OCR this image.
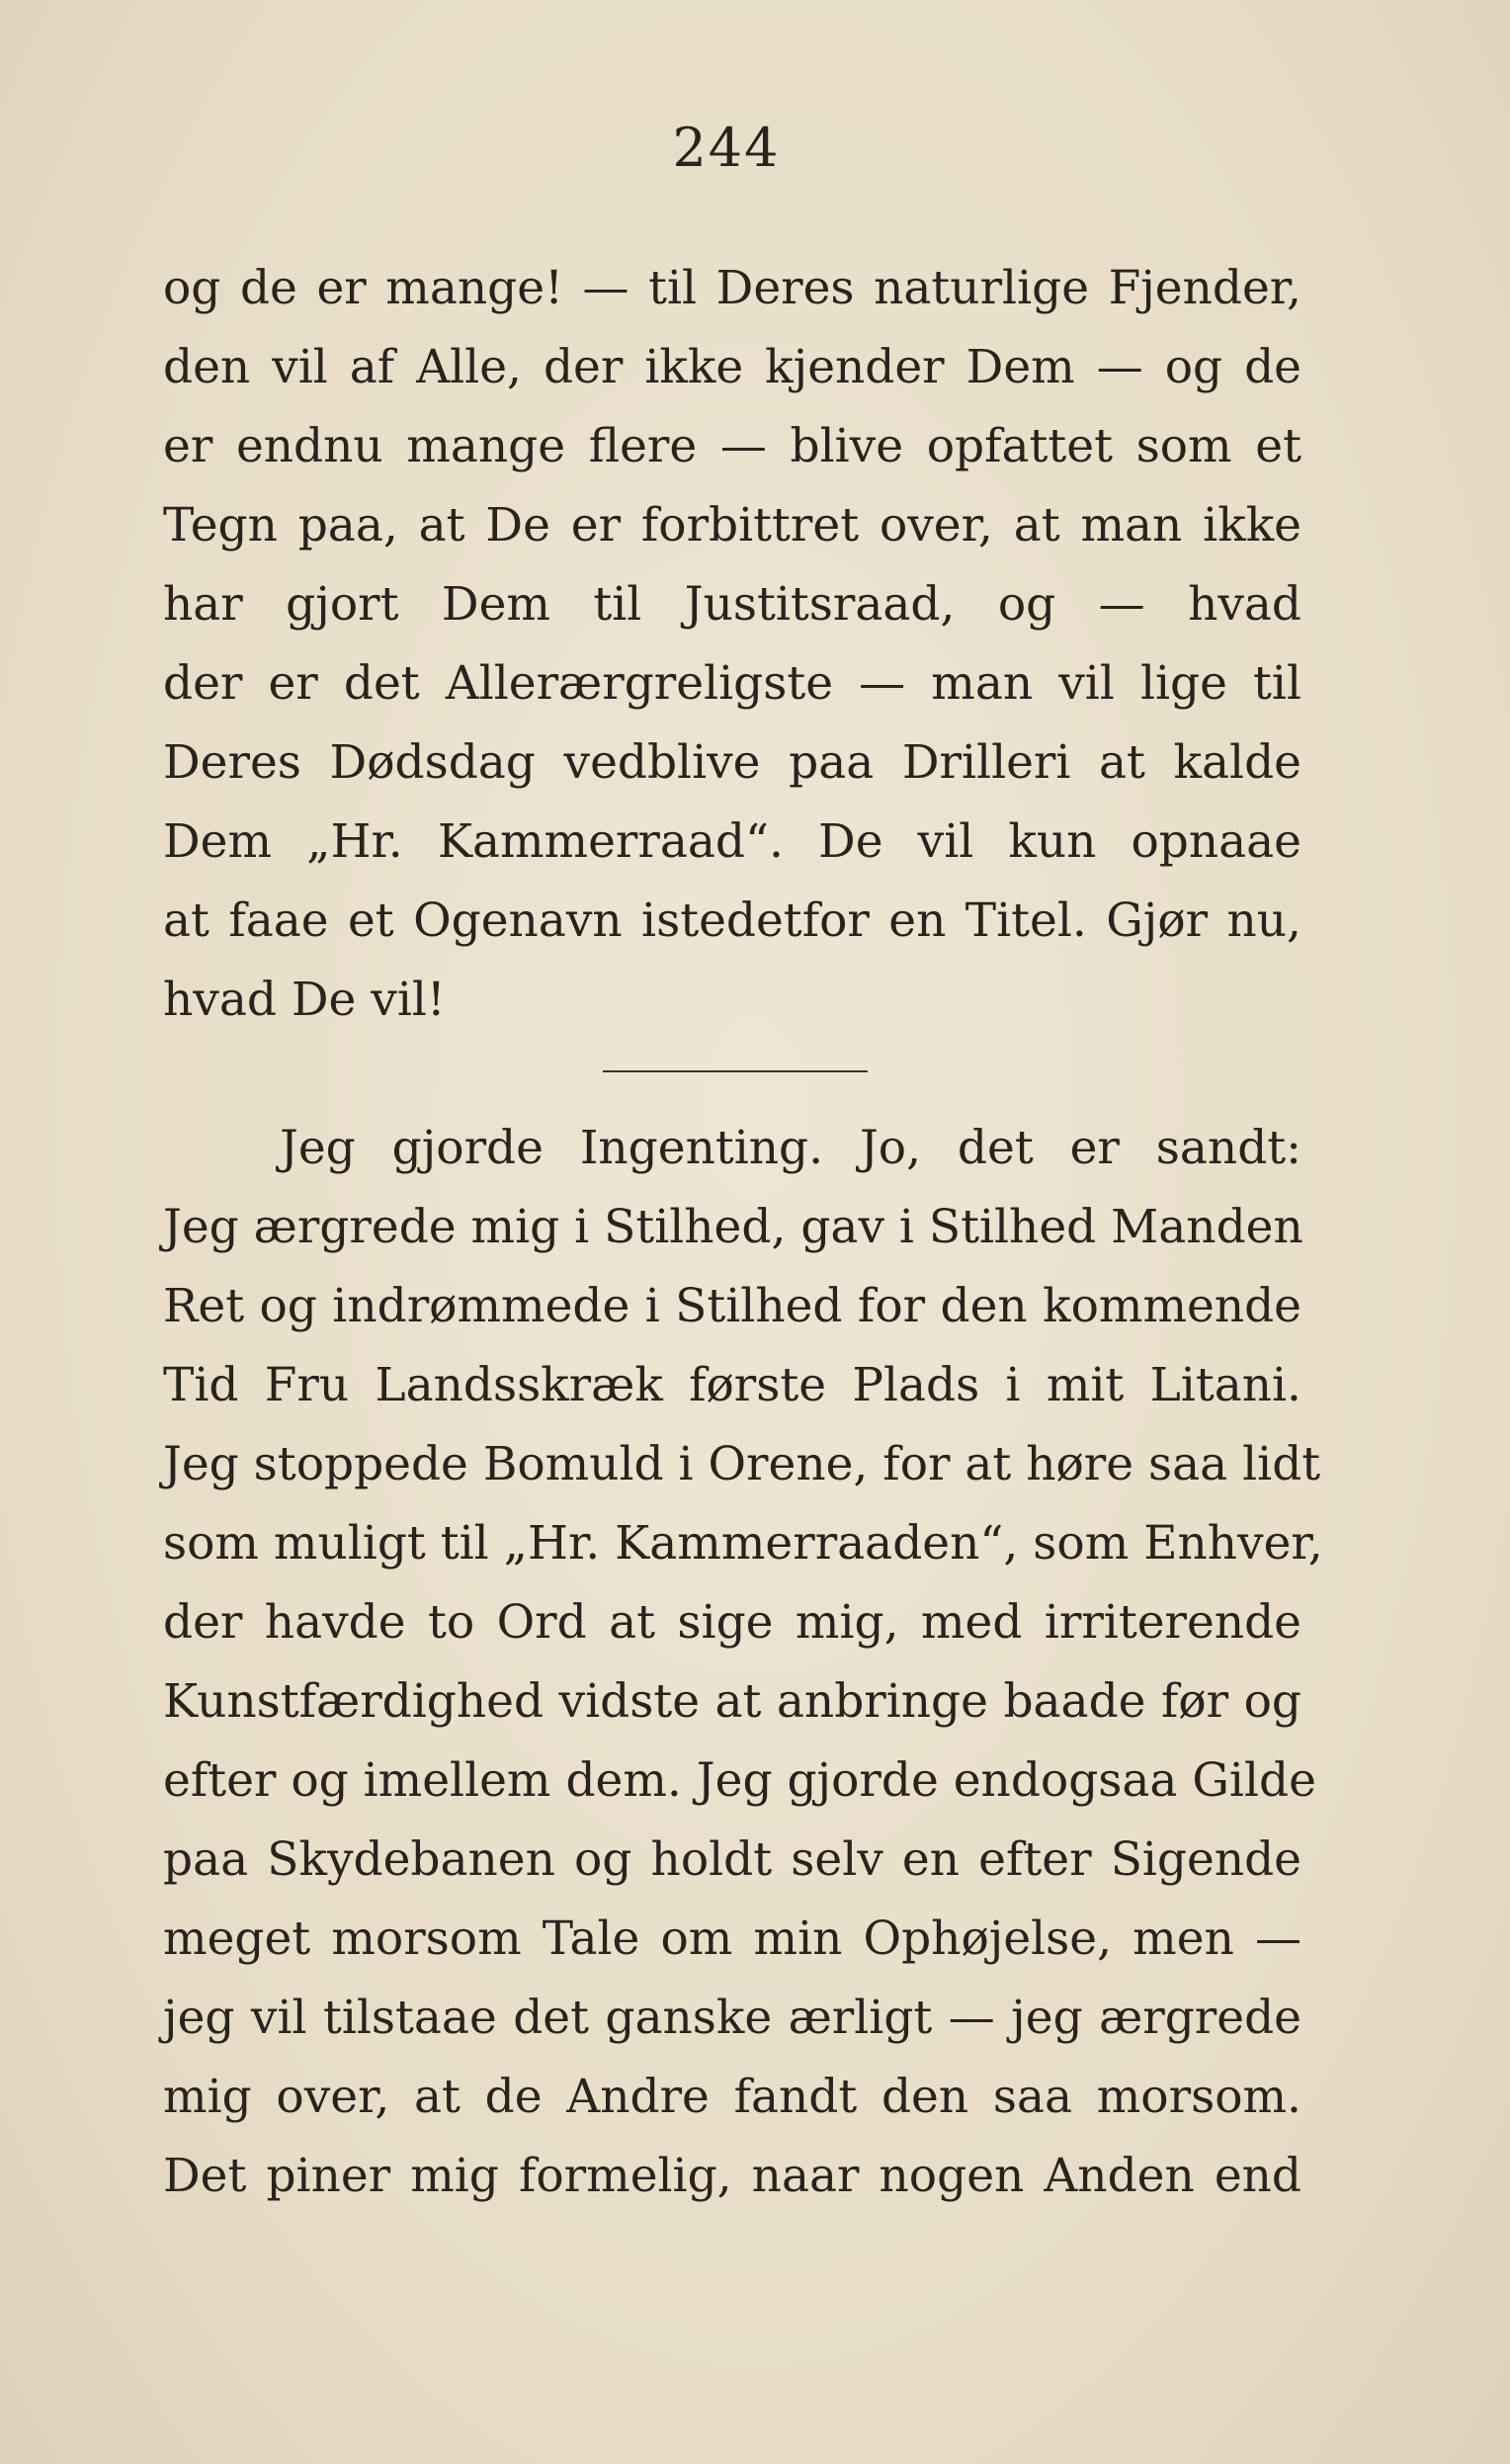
244
og de er mange! — til Deres naturlige Fjender,
den vil af Alle, der ikke kjender Dem — og de
er endnu mange flere — blive opfattet som et
Tegn paa, at De er forbittret over, at man ikke
har gjort Dem til Justitsraad, og — hvad
der er det Allerærgreligste — man vil lige til
Deres Dødsdag vedblive paa Drilleri at kalde
Dem „Hr. Kammerraad“. De vil kun opnaae
at faae et Ogenavn istedetfor en Titel. Gjør nu,
hvad De vil!
Jeg gjorde Ingenting. Jo, det er sandt:
Jeg ærgrede mig i Stilhed, gav i Stilhed Manden
Ret og indrømmede i Stilhed for den kommende
Tid Fru Landsskræk første Plads i mit Litani.
Jeg stoppede Bomuld i Orene, for at høre saa lidt
som muligt til „Hr. Kammerraaden“, som Enhver,
der havde to Ord at sige mig, med irriterende
Kunstfærdighed vidste at anbringe baade før og
efter og imellem dem. Jeg gjorde endogsaa Gilde
paa Skydebanen og holdt selv en efter Sigende
meget morsom Tale om min Ophøjelse, men —
jeg vil tilstaae det ganske ærligt — jeg ærgrede
mig over, at de Andre fandt den saa morsom.
Det piner mig formelig, naar nogen Anden end
